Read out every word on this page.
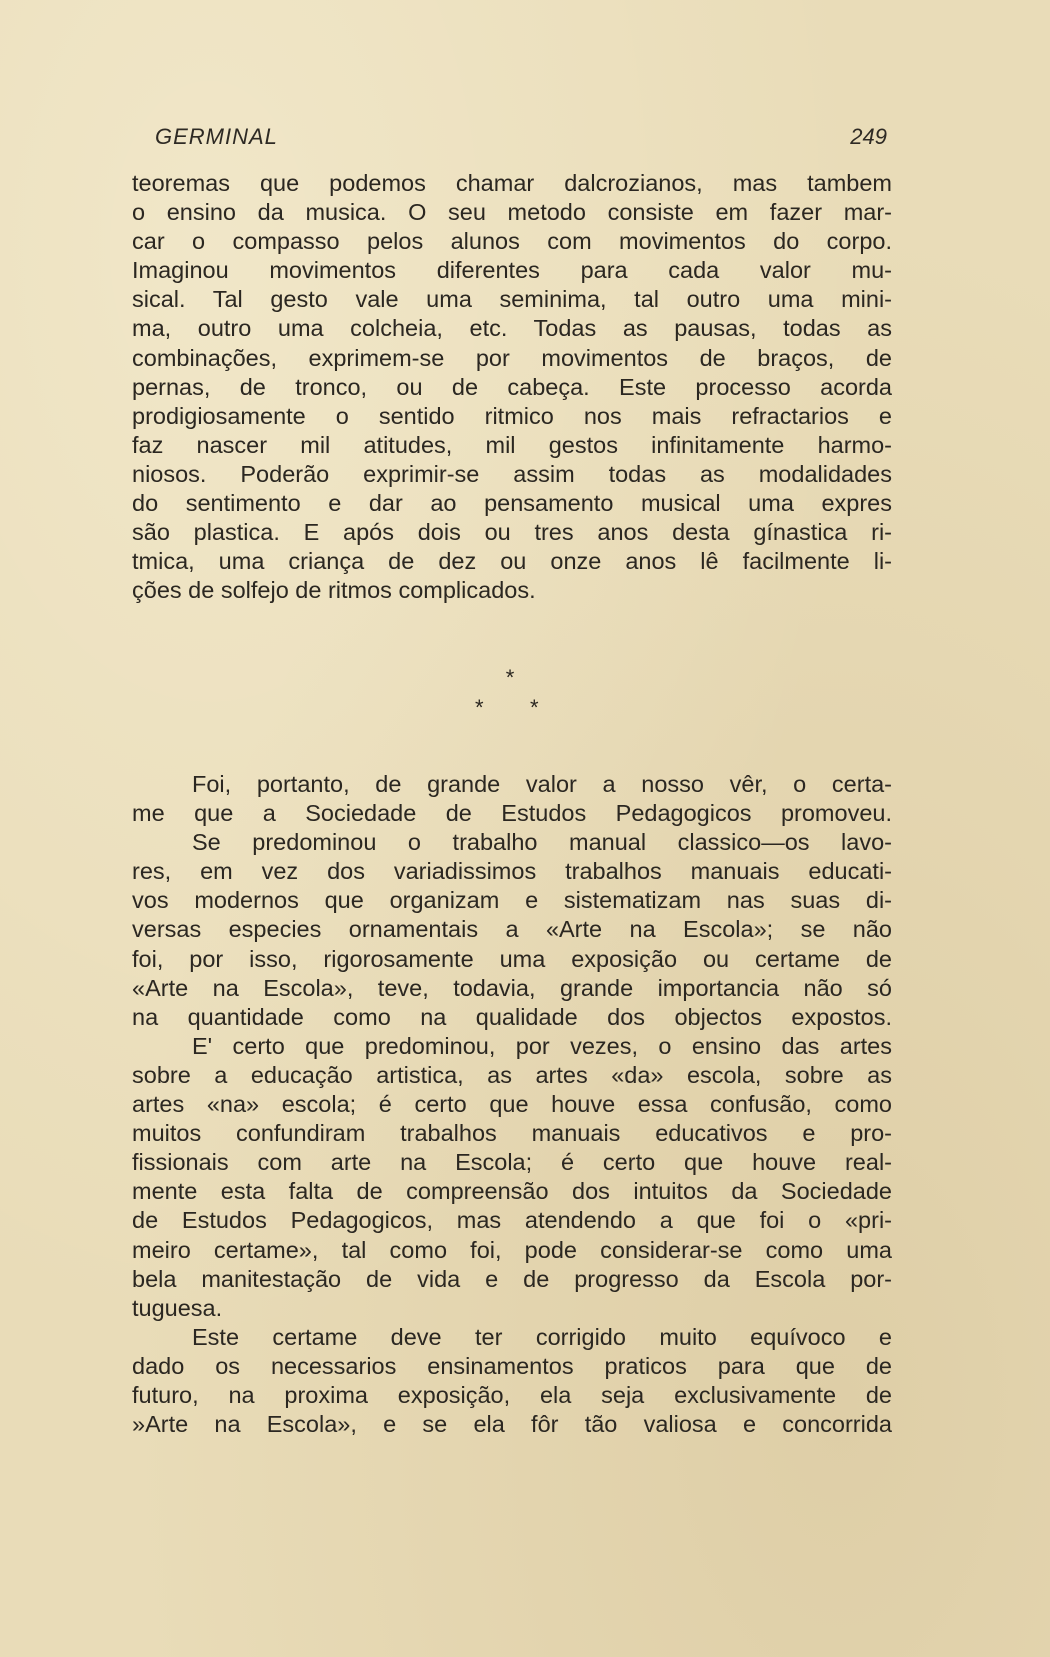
GERMINAL	249
teoremas que podemos chamar dalcrozianos, mas tambem
o ensino da musica. O seu metodo consiste em fazer mar-
car o compasso pelos alunos com movimentos do corpo.
Imaginou movimentos diferentes para cada valor mu-
sical. Tal gesto vale uma seminima, tal outro uma mini-
ma, outro uma colcheia, etc. Todas as pausas, todas as
combinações, exprimem-se por movimentos de braços, de
pernas, de tronco, ou de cabeça. Este processo acorda
prodigiosamente o sentido ritmico nos mais refractarios e
faz nascer mil atitudes, mil gestos infinitamente harmo-
niosos. Poderão exprimir-se assim todas as modalidades
do sentimento e dar ao pensamento musical uma expres
são plastica. E após dois ou tres anos desta gínastica ri-
tmica, uma criança de dez ou onze anos lê facilmente li-
ções de solfejo de ritmos complicados.
*
* *
Foi, portanto, de grande valor a nosso vêr, o certa-
me que a Sociedade de Estudos Pedagogicos promoveu.
Se predominou o trabalho manual classico—os lavo-
res, em vez dos variadissimos trabalhos manuais educati-
vos modernos que organizam e sistematizam nas suas di-
versas especies ornamentais a «Arte na Escola»; se não
foi, por isso, rigorosamente uma exposição ou certame de
«Arte na Escola», teve, todavia, grande importancia não só
na quantidade como na qualidade dos objectos expostos.
E' certo que predominou, por vezes, o ensino das artes
sobre a educação artistica, as artes «da» escola, sobre as
artes «na» escola; é certo que houve essa confusão, como
muitos confundiram trabalhos manuais educativos e pro-
fissionais com arte na Escola; é certo que houve real-
mente esta falta de compreensão dos intuitos da Sociedade
de Estudos Pedagogicos, mas atendendo a que foi o «pri-
meiro certame», tal como foi, pode considerar-se como uma
bela manitestação de vida e de progresso da Escola por-
tuguesa.
Este certame deve ter corrigido muito equívoco e
dado os necessarios ensinamentos praticos para que de
futuro, na proxima exposição, ela seja exclusivamente de
»Arte na Escola», e se ela fôr tão valiosa e concorrida
